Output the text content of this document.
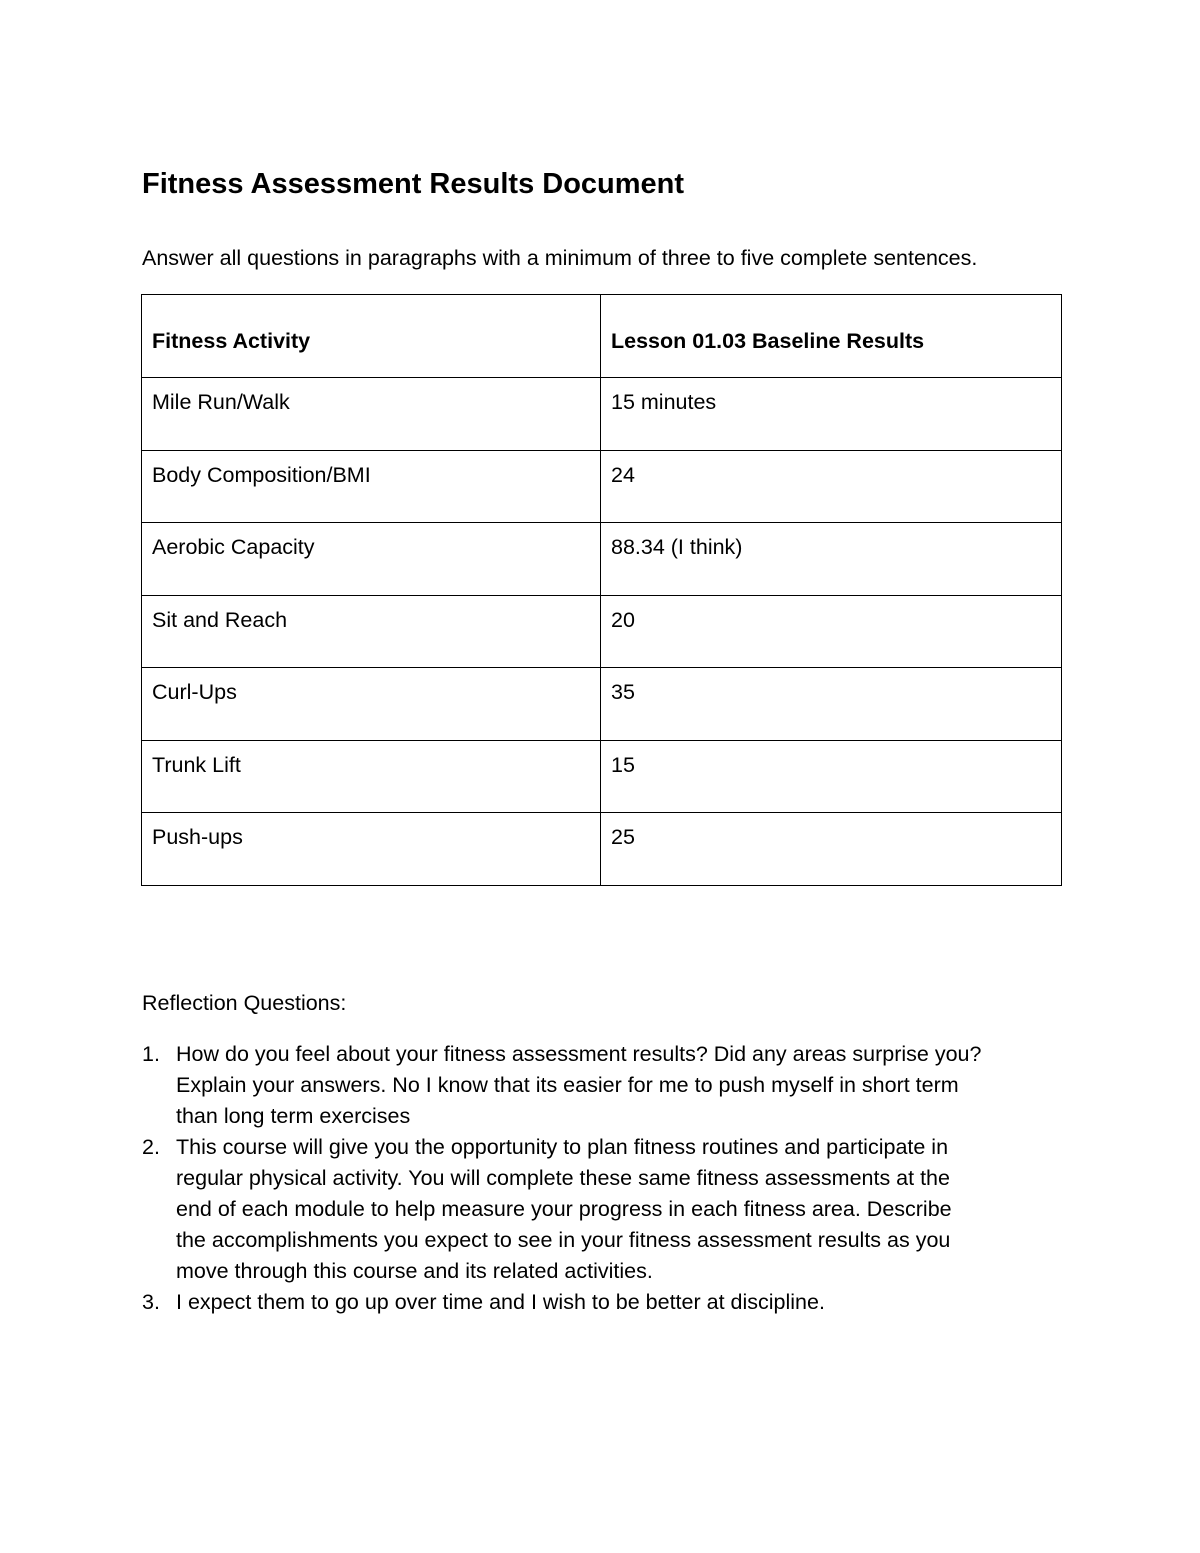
Fitness Assessment Results Document

Answer all questions in paragraphs with a minimum of three to five complete sentences.

Fitness Activity	Lesson 01.03 Baseline Results
Mile Run/Walk	15 minutes
Body Composition/BMI	24
Aerobic Capacity	88.34 (I think)
Sit and Reach	20
Curl-Ups	35
Trunk Lift	15
Push-ups	25

Reflection Questions:

1. How do you feel about your fitness assessment results? Did any areas surprise you?
Explain your answers. No I know that its easier for me to push myself in short term
than long term exercises
2. This course will give you the opportunity to plan fitness routines and participate in
regular physical activity. You will complete these same fitness assessments at the
end of each module to help measure your progress in each fitness area. Describe
the accomplishments you expect to see in your fitness assessment results as you
move through this course and its related activities.
3. I expect them to go up over time and I wish to be better at discipline.
